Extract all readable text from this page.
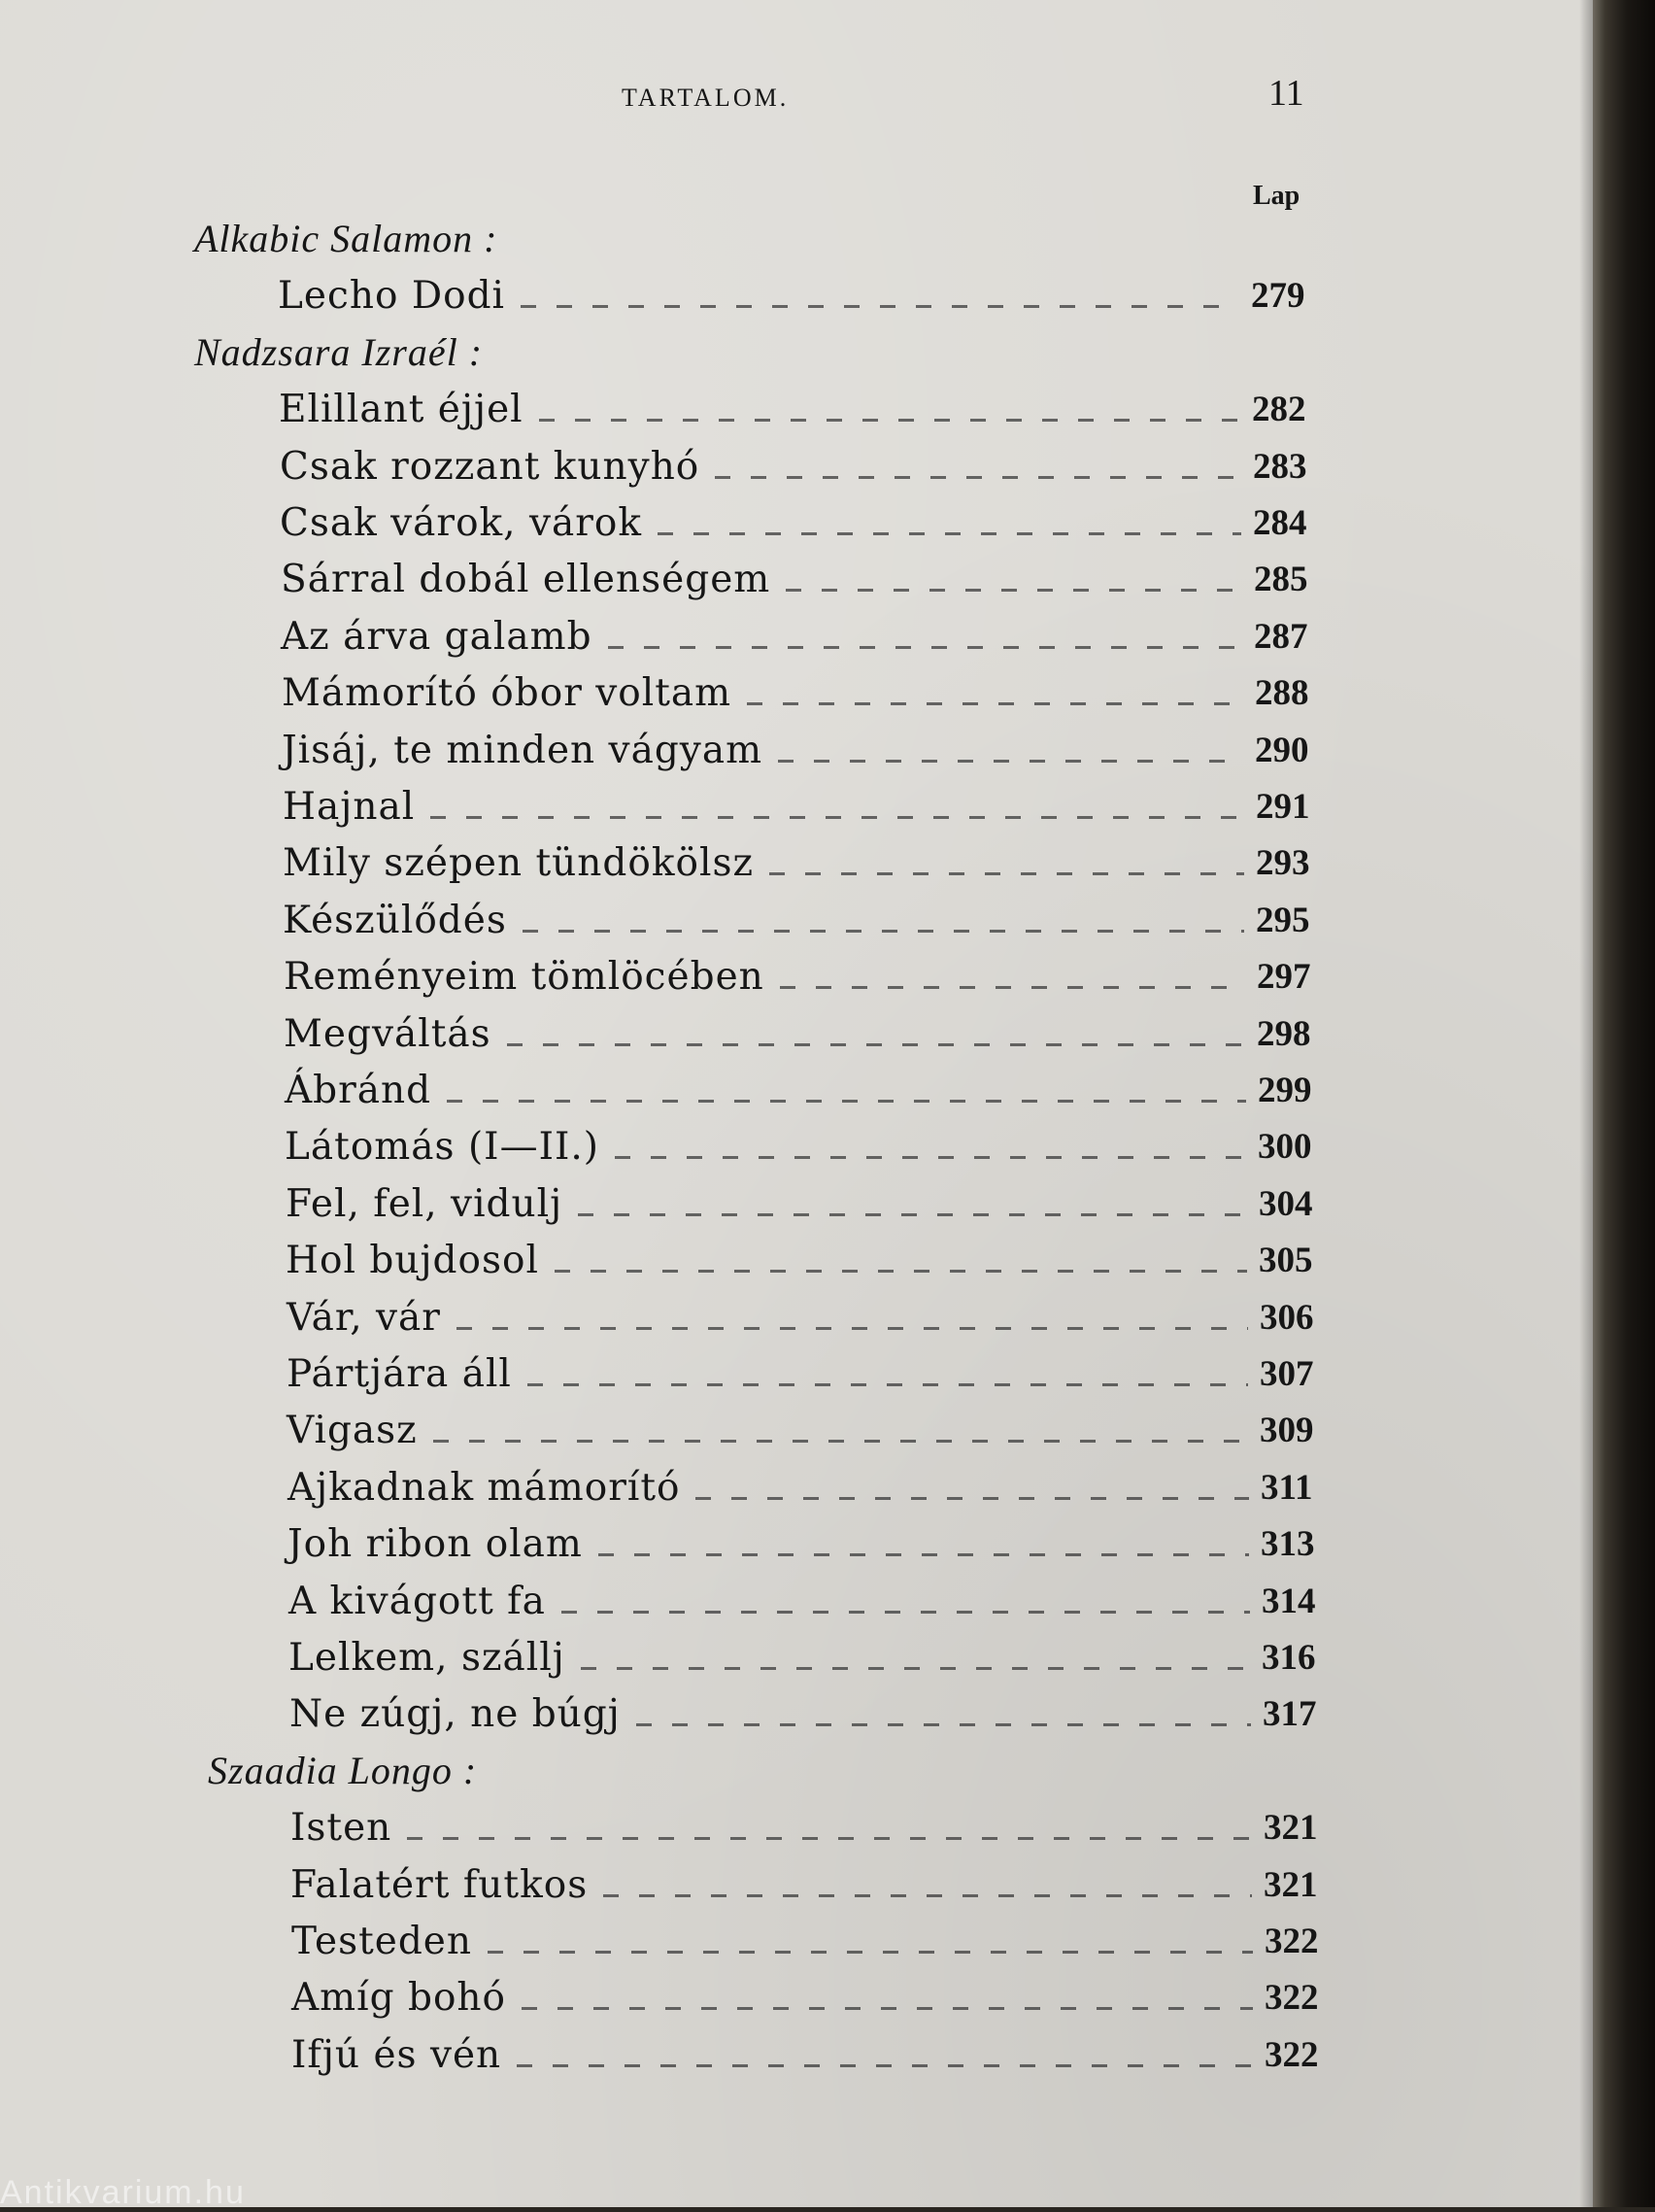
TARTALOM.	11
Lap
Antikvarium.hu
Alkabic Salamon :
Lecho Dodi	279
Nadzsara Izraél :
Elillant éjjel	282
Csak rozzant kunyhó	283
Csak várok, várok	284
Sárral dobál ellenségem	285
Az árva galamb	287
Mámorító óbor voltam	288
Jisáj, te minden vágyam	290
Hajnal	291
Mily szépen tündökölsz	293
Készülődés	295
Reményeim tömlöcében	297
Megváltás	298
Ábránd	299
Látomás (I—II.)	300
Fel, fel, vidulj	304
Hol bujdosol	305
Vár, vár	306
Pártjára áll	307
Vigasz	309
Ajkadnak mámorító	311
Joh ribon olam	313
A kivágott fa	314
Lelkem, szállj	316
Ne zúgj, ne búgj	317
Szaadia Longo :
Isten	321
Falatért futkos	321
Testeden	322
Amíg bohó	322
Ifjú és vén	322
